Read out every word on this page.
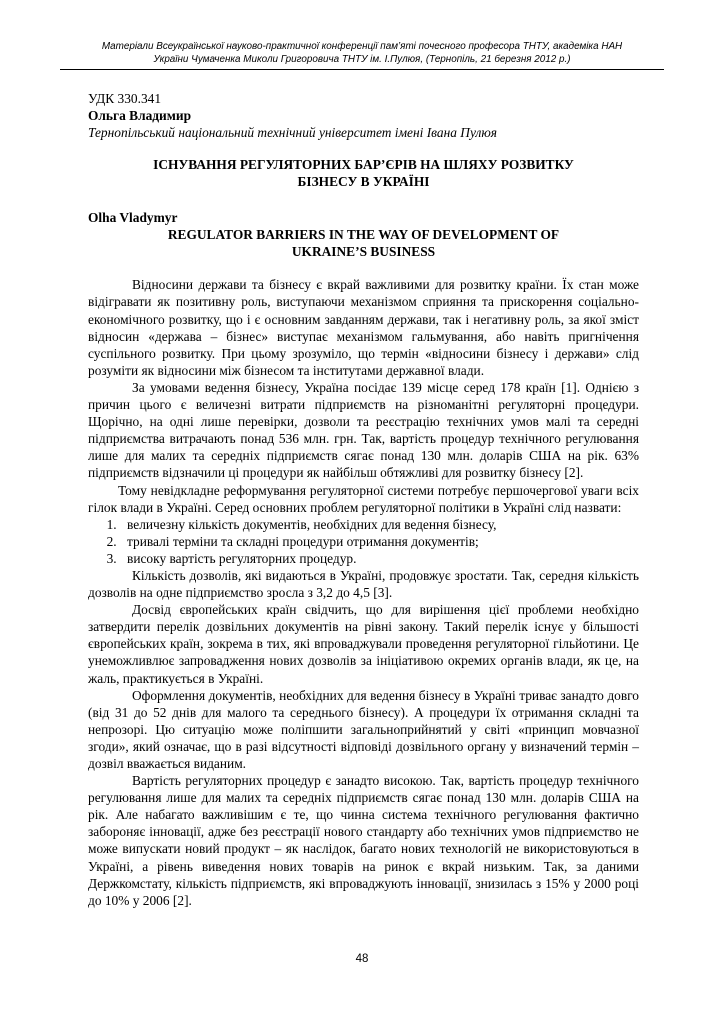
Матеріали Всеукраїнської науково-практичної конференції пам’яті почесного професора ТНТУ, академіка НАН
України Чумаченка Миколи Григоровича ТНТУ ім. І.Пулюя, (Тернопіль, 21 березня 2012 р.)
УДК 330.341
Ольга Владимир
Тернопільський національний технічний університет імені Івана Пулюя
ІСНУВАННЯ РЕГУЛЯТОРНИХ БАР’ЄРІВ НА ШЛЯХУ РОЗВИТКУ
БІЗНЕСУ В УКРАЇНІ
Olha Vladymyr
REGULATOR BARRIERS IN THE WAY OF DEVELOPMENT OF
UKRAINE’S BUSINESS

Відносини держави та бізнесу є вкрай важливими для розвитку країни. Їх стан може відігравати як позитивну роль, виступаючи механізмом сприяння та прискорення соціально-економічного розвитку, що і є основним завданням держави, так і негативну роль, за якої зміст відносин «держава – бізнес» виступає механізмом гальмування, або навіть пригнічення суспільного розвитку. При цьому зрозуміло, що термін «відносини бізнесу і держави» слід розуміти як відносини між бізнесом та інститутами державної влади.

За умовами ведення бізнесу, Україна посідає 139 місце серед 178 країн [1]. Однією з причин цього є величезні витрати підприємств на різноманітні регуляторні процедури. Щорічно, на одні лише перевірки, дозволи та реєстрацію технічних умов малі та середні підприємства витрачають понад 536 млн. грн. Так, вартість процедур технічного регулювання лише для малих та середніх підприємств сягає понад 130 млн. доларів США на рік. 63% підприємств відзначили ці процедури як найбільш обтяжливі для розвитку бізнесу [2].

Тому невідкладне реформування регуляторної системи потребує першочергової уваги всіх гілок влади в Україні. Серед основних проблем регуляторної політики в Україні слід назвати:

1. величезну кількість документів, необхідних для ведення бізнесу,
2. тривалі терміни та складні процедури отримання документів;
3. високу вартість регуляторних процедур.

Кількість дозволів, які видаються в Україні, продовжує зростати. Так, середня кількість дозволів на одне підприємство зросла з 3,2 до 4,5 [3].

Досвід європейських країн свідчить, що для вирішення цієї проблеми необхідно затвердити перелік дозвільних документів на рівні закону. Такий перелік існує у більшості європейських країн, зокрема в тих, які впроваджували проведення регуляторної гільйотини. Це унеможливлює запровадження нових дозволів за ініціативою окремих органів влади, як це, на жаль, практикується в Україні.

Оформлення документів, необхідних для ведення бізнесу в Україні триває занадто довго (від 31 до 52 днів для малого та середнього бізнесу). А процедури їх отримання складні та непрозорі. Цю ситуацію може поліпшити загальноприйнятий у світі «принцип мовчазної згоди», який означає, що в разі відсутності відповіді дозвільного органу у визначений термін – дозвіл вважається виданим.

Вартість регуляторних процедур є занадто високою. Так, вартість процедур технічного регулювання лише для малих та середніх підприємств сягає понад 130 млн. доларів США на рік. Але набагато важливішим є те, що чинна система технічного регулювання фактично забороняє інновації, адже без реєстрації нового стандарту або технічних умов підприємство не може випускати новий продукт – як наслідок, багато нових технологій не використовуються в Україні, а рівень виведення нових товарів на ринок є вкрай низьким. Так, за даними Держкомстату, кількість підприємств, які впроваджують інновації, знизилась з 15% у 2000 році до 10% у 2006 [2].

48
